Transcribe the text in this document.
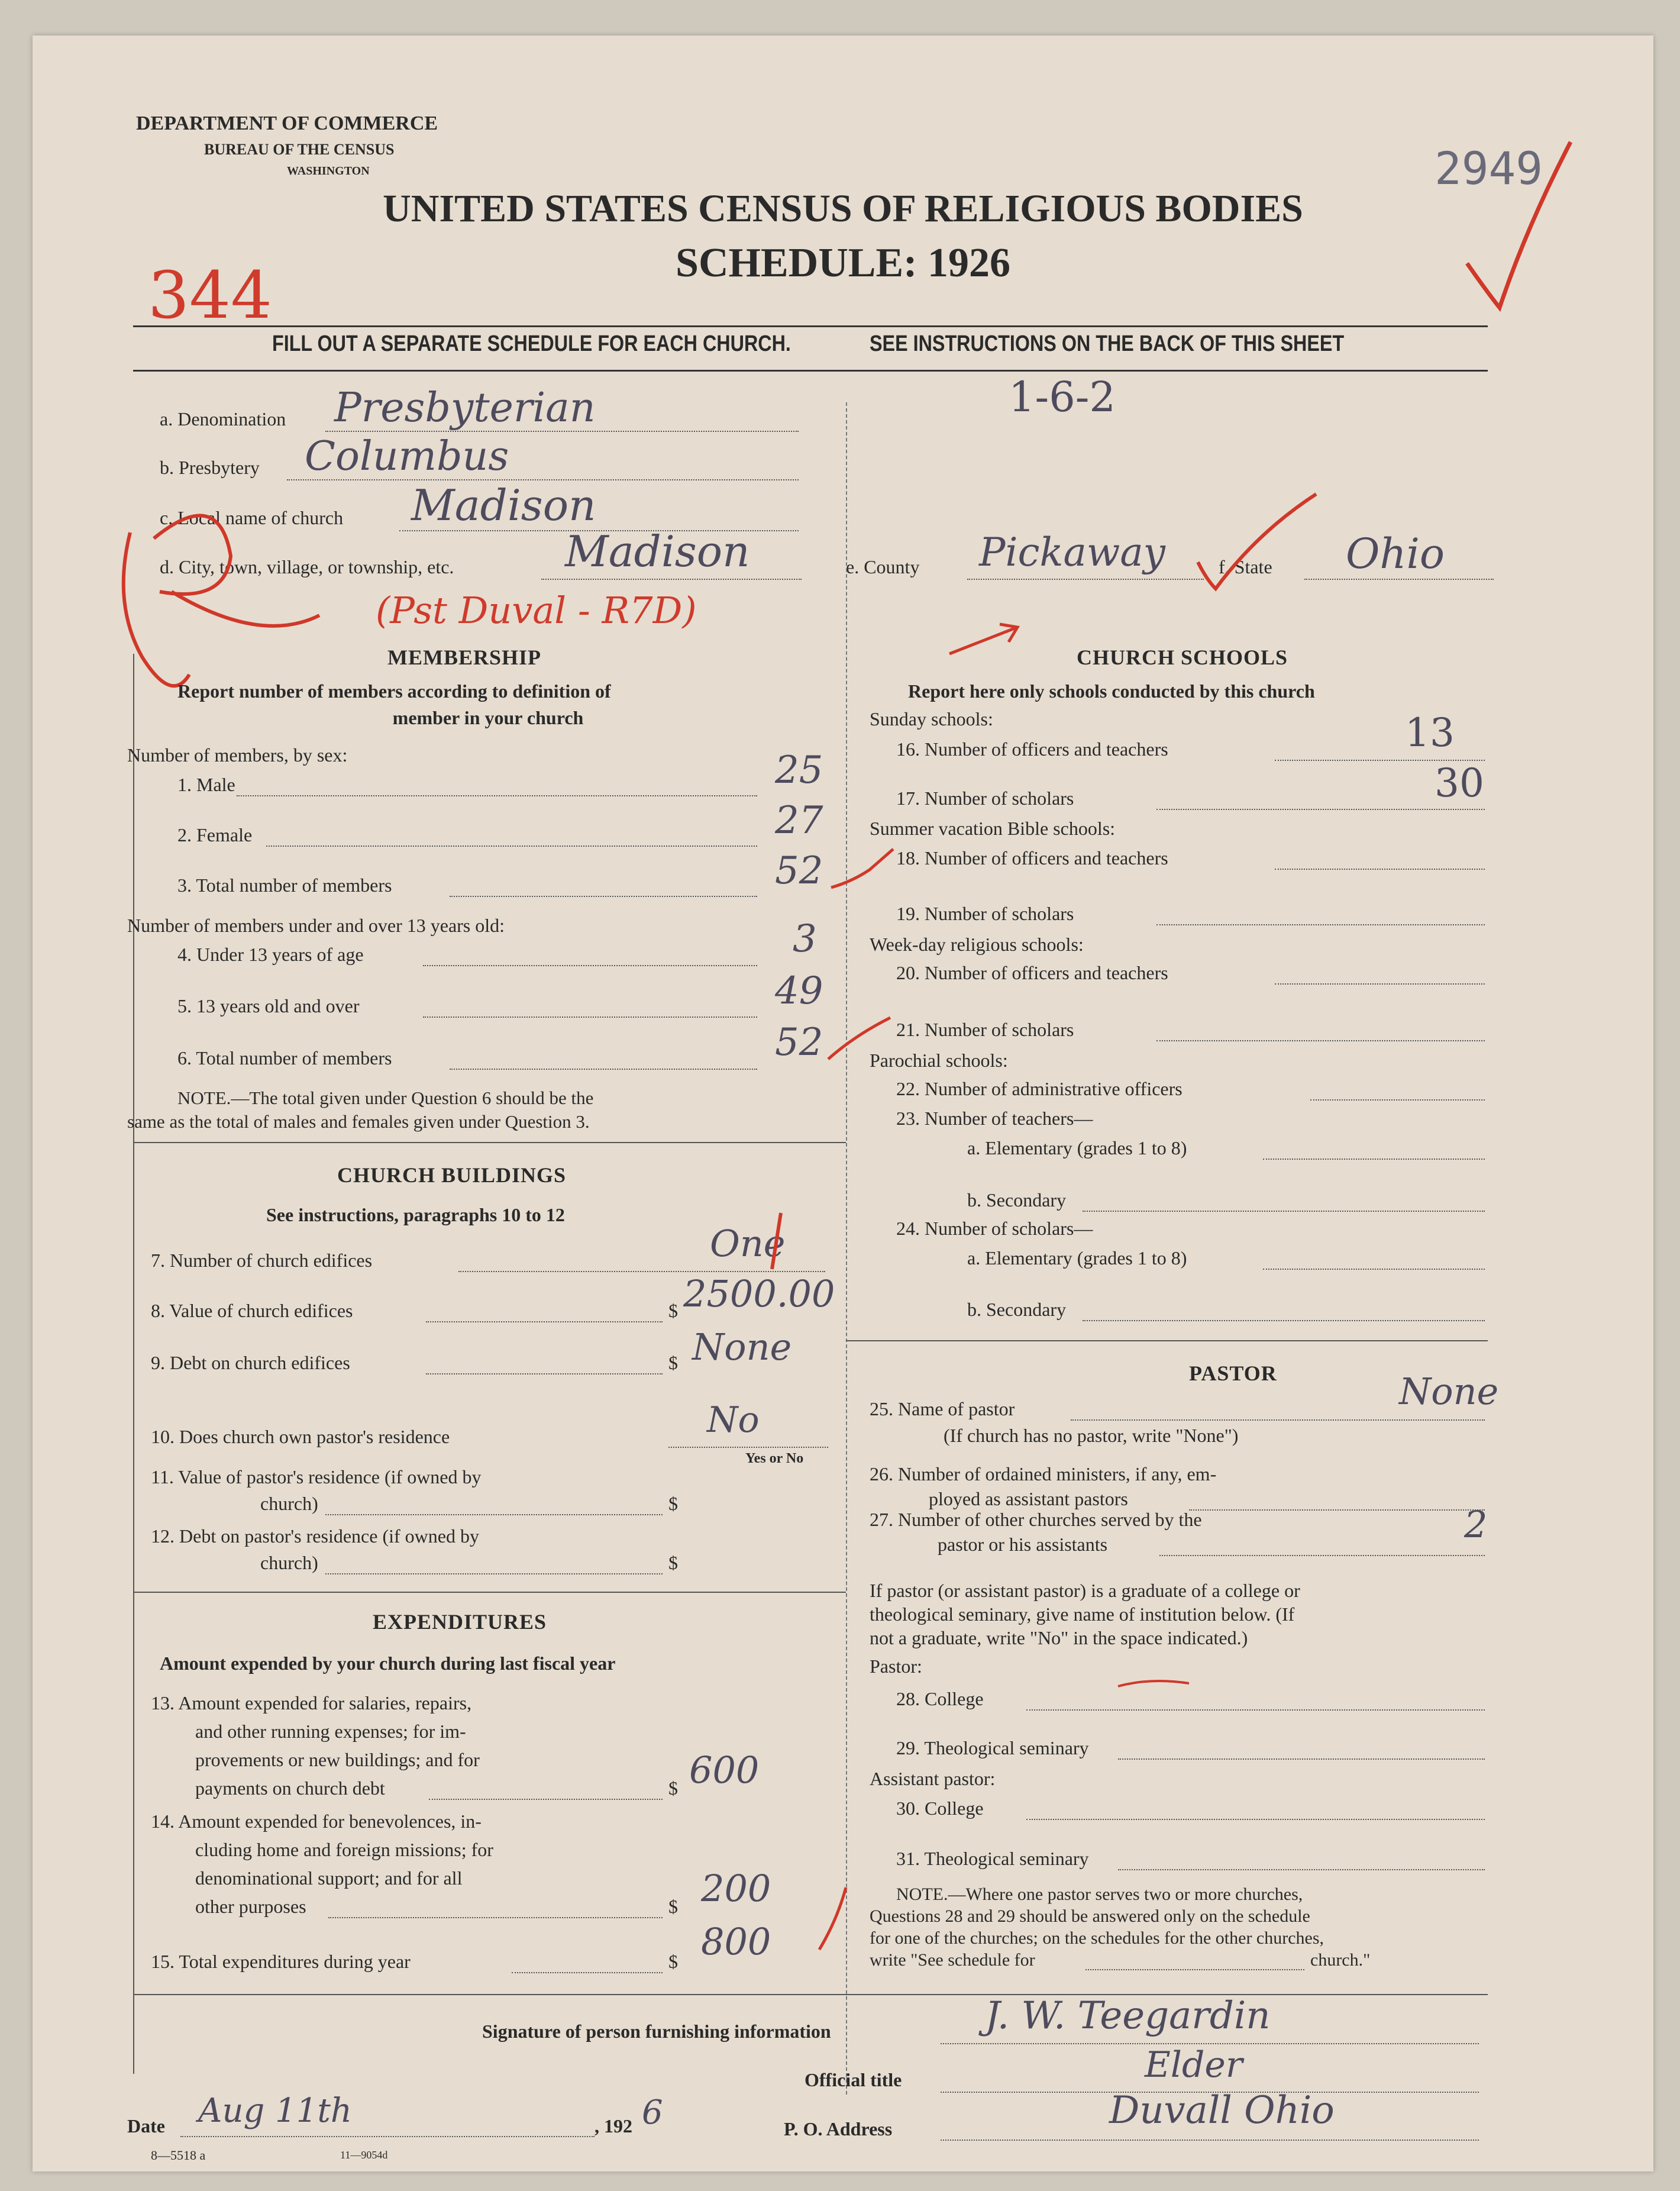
DEPARTMENT OF COMMERCE
BUREAU OF THE CENSUS
WASHINGTON	2949
UNITED STATES CENSUS OF RELIGIOUS BODIES
SCHEDULE: 1926
344
FILL OUT A SEPARATE SCHEDULE FOR EACH CHURCH.	SEE INSTRUCTIONS ON THE BACK OF THIS SHEET
a. Denomination Presbyterian	1-6-2
b. Presbytery Columbus
c. Local name of church Madison
d. City, town, village, or township, etc.	Madison	e. County Pickaway	f. State Ohio
(Pst Duval - R7D)
MEMBERSHIP
Report number of members according to definition of
member in your church
Number of members, by sex:
1. Male	25
2. Female	27
3. Total number of members	52
Number of members under and over 13 years old:
4. Under 13 years of age	3
5. 13 years old and over	49
6. Total number of members	52
NOTE.—The total given under Question 6 should be the
same as the total of males and females given under Question 3.
CHURCH BUILDINGS
See instructions, paragraphs 10 to 12
7. Number of church edifices	One
8. Value of church edifices	$ 2500.00
9. Debt on church edifices	$ None
10. Does church own pastor's residence	No
Yes or No
11. Value of pastor's residence (if owned by
church)	$
12. Debt on pastor's residence (if owned by
church)	$
EXPENDITURES
Amount expended by your church during last fiscal year
13. Amount expended for salaries, repairs,
and other running expenses; for im-
provements or new buildings; and for
payments on church debt	$ 600
14. Amount expended for benevolences, in-
cluding home and foreign missions; for
denominational support; and for all
other purposes	$ 200
15. Total expenditures during year	$ 800
CHURCH SCHOOLS
Report here only schools conducted by this church
Sunday schools:
16. Number of officers and teachers	13
17. Number of scholars	30
Summer vacation Bible schools:
18. Number of officers and teachers
19. Number of scholars
Week-day religious schools:
20. Number of officers and teachers
21. Number of scholars
Parochial schools:
22. Number of administrative officers
23. Number of teachers—
a. Elementary (grades 1 to 8)
b. Secondary
24. Number of scholars—
a. Elementary (grades 1 to 8)
b. Secondary
PASTOR
25. Name of pastor	None
(If church has no pastor, write "None")
26. Number of ordained ministers, if any, em-
ployed as assistant pastors
27. Number of other churches served by the
pastor or his assistants	2
If pastor (or assistant pastor) is a graduate of a college or
theological seminary, give name of institution below. (If
not a graduate, write "No" in the space indicated.)
Pastor:
28. College
29. Theological seminary
Assistant pastor:
30. College
31. Theological seminary
NOTE.—Where one pastor serves two or more churches,
Questions 28 and 29 should be answered only on the schedule
for one of the churches; on the schedules for the other churches,
write "See schedule for	church."
Signature of person furnishing information	J. W. Teegardin
Official title	Elder
Date Aug 11th	, 192 6	P. O. Address	Duvall Ohio
8—5518 a	11—9054d
